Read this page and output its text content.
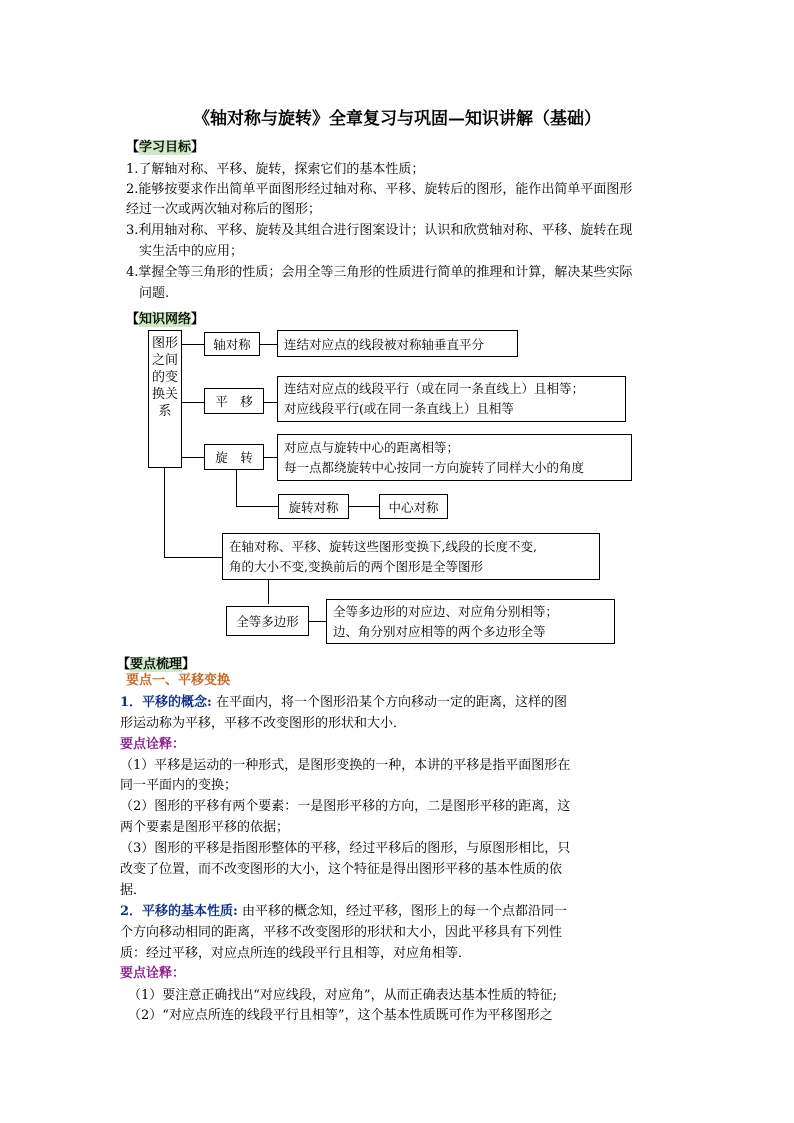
《轴对称与旋转》全章复习与巩固—知识讲解（基础）
【学习目标】
1.了解轴对称、平移、旋转，探索它们的基本性质；
2.能够按要求作出简单平面图形经过轴对称、平移、旋转后的图形，能作出简单平面图形
经过一次或两次轴对称后的图形；
3.利用轴对称、平移、旋转及其组合进行图案设计；认识和欣赏轴对称、平移、旋转在现
实生活中的应用；
4.掌握全等三角形的性质；会用全等三角形的性质进行简单的推理和计算，解决某些实际
问题.
【知识网络】
图形之间的变换关系
轴对称	连结对应点的线段被对称轴垂直平分
平　移
连结对应点的线段平行（或在同一条直线上）且相等；
对应线段平行(或在同一条直线上）且相等
旋　转
对应点与旋转中心的距离相等；
每一点都绕旋转中心按同一方向旋转了同样大小的角度
旋转对称	中心对称
在轴对称、平移、旋转这些图形变换下,线段的长度不变,
角的大小不变,变换前后的两个图形是全等图形
全等多边形
全等多边形的对应边、对应角分别相等；
边、角分别对应相等的两个多边形全等
【要点梳理】
要点一、平移变换
1．平移的概念: 在平面内，将一个图形沿某个方向移动一定的距离，这样的图
形运动称为平移，平移不改变图形的形状和大小．
要点诠释：
（1）平移是运动的一种形式，是图形变换的一种，本讲的平移是指平面图形在
同一平面内的变换；
（2）图形的平移有两个要素：一是图形平移的方向，二是图形平移的距离，这
两个要素是图形平移的依据；
（3）图形的平移是指图形整体的平移，经过平移后的图形，与原图形相比，只
改变了位置，而不改变图形的大小，这个特征是得出图形平移的基本性质的依
据．
2．平移的基本性质: 由平移的概念知，经过平移，图形上的每一个点都沿同一
个方向移动相同的距离，平移不改变图形的形状和大小，因此平移具有下列性
质：经过平移，对应点所连的线段平行且相等，对应角相等．
要点诠释：
（1）要注意正确找出“对应线段，对应角”，从而正确表达基本性质的特征;
（2）“对应点所连的线段平行且相等”，这个基本性质既可作为平移图形之
